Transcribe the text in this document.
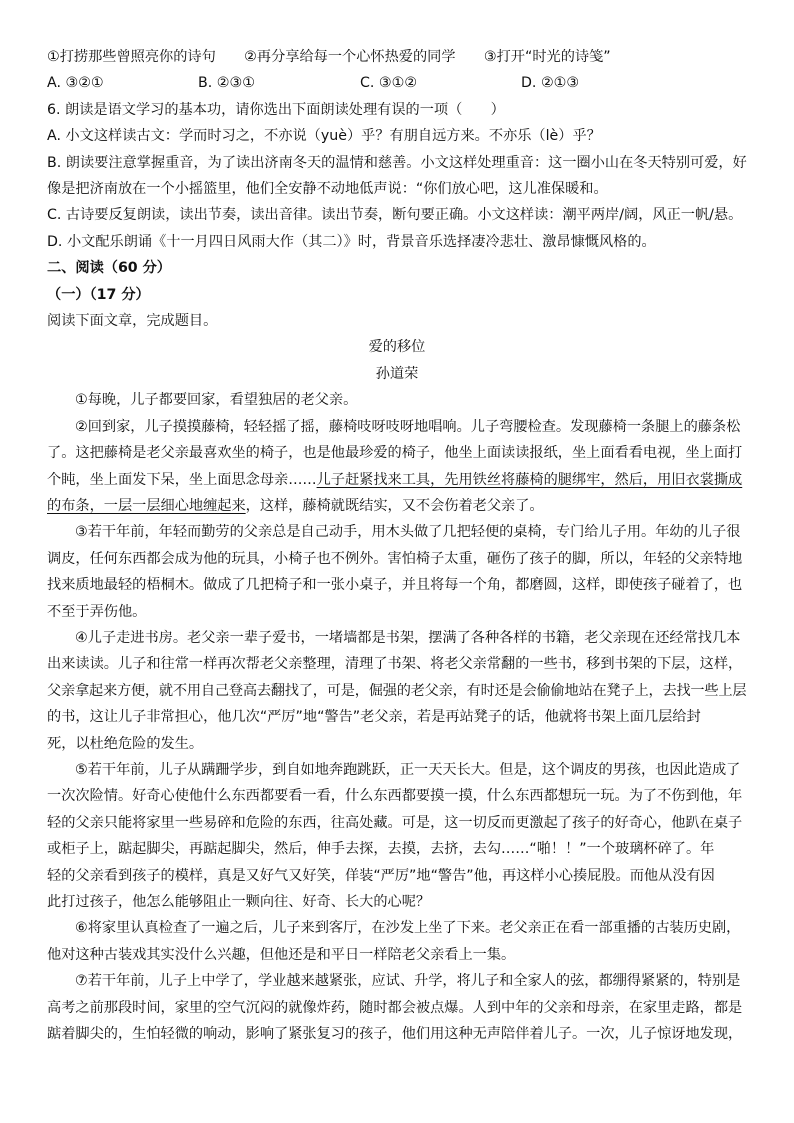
①打捞那些曾照亮你的诗句　　②再分享给每一个心怀热爱的同学　　③打开“时光的诗笺”
A. ③②①	B. ②③①	C. ③①②	D. ②①③
6. 朗读是语文学习的基本功，请你选出下面朗读处理有误的一项（　　）
A. 小文这样读古文：学而时习之，不亦说（yuè）乎？有朋自远方来。不亦乐（lè）乎？
B. 朗读要注意掌握重音，为了读出济南冬天的温情和慈善。小文这样处理重音：这一圈小山在冬天特别可爱，好
像是把济南放在一个小摇篮里，他们全安静不动地低声说：“你们放心吧，这儿准保暖和。
C. 古诗要反复朗读，读出节奏，读出音律。读出节奏，断句要正确。小文这样读：潮平两岸/阔，风正一帆/悬。
D. 小文配乐朗诵《十一月四日风雨大作（其二）》时，背景音乐选择凄冷悲壮、激昂慷慨风格的。
二、阅读（60 分）
（一）（17 分）
阅读下面文章，完成题目。
爱的移位
孙道荣
①每晚，儿子都要回家，看望独居的老父亲。
②回到家，儿子摸摸藤椅，轻轻摇了摇，藤椅吱呀吱呀地唱响。儿子弯腰检查。发现藤椅一条腿上的藤条松
了。这把藤椅是老父亲最喜欢坐的椅子，也是他最珍爱的椅子，他坐上面读读报纸，坐上面看看电视，坐上面打
个盹，坐上面发下呆，坐上面思念母亲……儿子赶紧找来工具，先用铁丝将藤椅的腿绑牢，然后，用旧衣裳撕成
的布条，一层一层细心地缠起来，这样，藤椅就既结实，又不会伤着老父亲了。
③若干年前，年轻而勤劳的父亲总是自己动手，用木头做了几把轻便的桌椅，专门给儿子用。年幼的儿子很
调皮，任何东西都会成为他的玩具，小椅子也不例外。害怕椅子太重，砸伤了孩子的脚，所以，年轻的父亲特地
找来质地最轻的梧桐木。做成了几把椅子和一张小桌子，并且将每一个角，都磨圆，这样，即使孩子碰着了，也
不至于弄伤他。
④儿子走进书房。老父亲一辈子爱书，一堵墙都是书架，摆满了各种各样的书籍，老父亲现在还经常找几本
出来读读。儿子和往常一样再次帮老父亲整理，清理了书架、将老父亲常翻的一些书，移到书架的下层，这样，
父亲拿起来方便，就不用自己登高去翻找了，可是，倔强的老父亲，有时还是会偷偷地站在凳子上，去找一些上层
的书，这让儿子非常担心，他几次“严厉”地“警告”老父亲，若是再站凳子的话，他就将书架上面几层给封
死，以杜绝危险的发生。
⑤若干年前，儿子从蹒跚学步，到自如地奔跑跳跃，正一天天长大。但是，这个调皮的男孩，也因此造成了
一次次险情。好奇心使他什么东西都要看一看，什么东西都要摸一摸，什么东西都想玩一玩。为了不伤到他，年
轻的父亲只能将家里一些易碎和危险的东西，往高处藏。可是，这一切反而更激起了孩子的好奇心，他趴在桌子
或柜子上，踮起脚尖，再踮起脚尖，然后，伸手去探，去摸，去挤，去勾……“啪！！”一个玻璃杯碎了。年
轻的父亲看到孩子的模样，真是又好气又好笑，佯装“严厉”地“警告”他，再这样小心揍屁股。而他从没有因
此打过孩子，他怎么能够阻止一颗向往、好奇、长大的心呢？
⑥将家里认真检查了一遍之后，儿子来到客厅，在沙发上坐了下来。老父亲正在看一部重播的古装历史剧，
他对这种古装戏其实没什么兴趣，但他还是和平日一样陪老父亲看上一集。
⑦若干年前，儿子上中学了，学业越来越紧张，应试、升学，将儿子和全家人的弦，都绷得紧紧的，特别是
高考之前那段时间，家里的空气沉闷的就像炸药，随时都会被点爆。人到中年的父亲和母亲，在家里走路，都是
踮着脚尖的，生怕轻微的响动，影响了紧张复习的孩子，他们用这种无声陪伴着儿子。一次，儿子惊讶地发现，
